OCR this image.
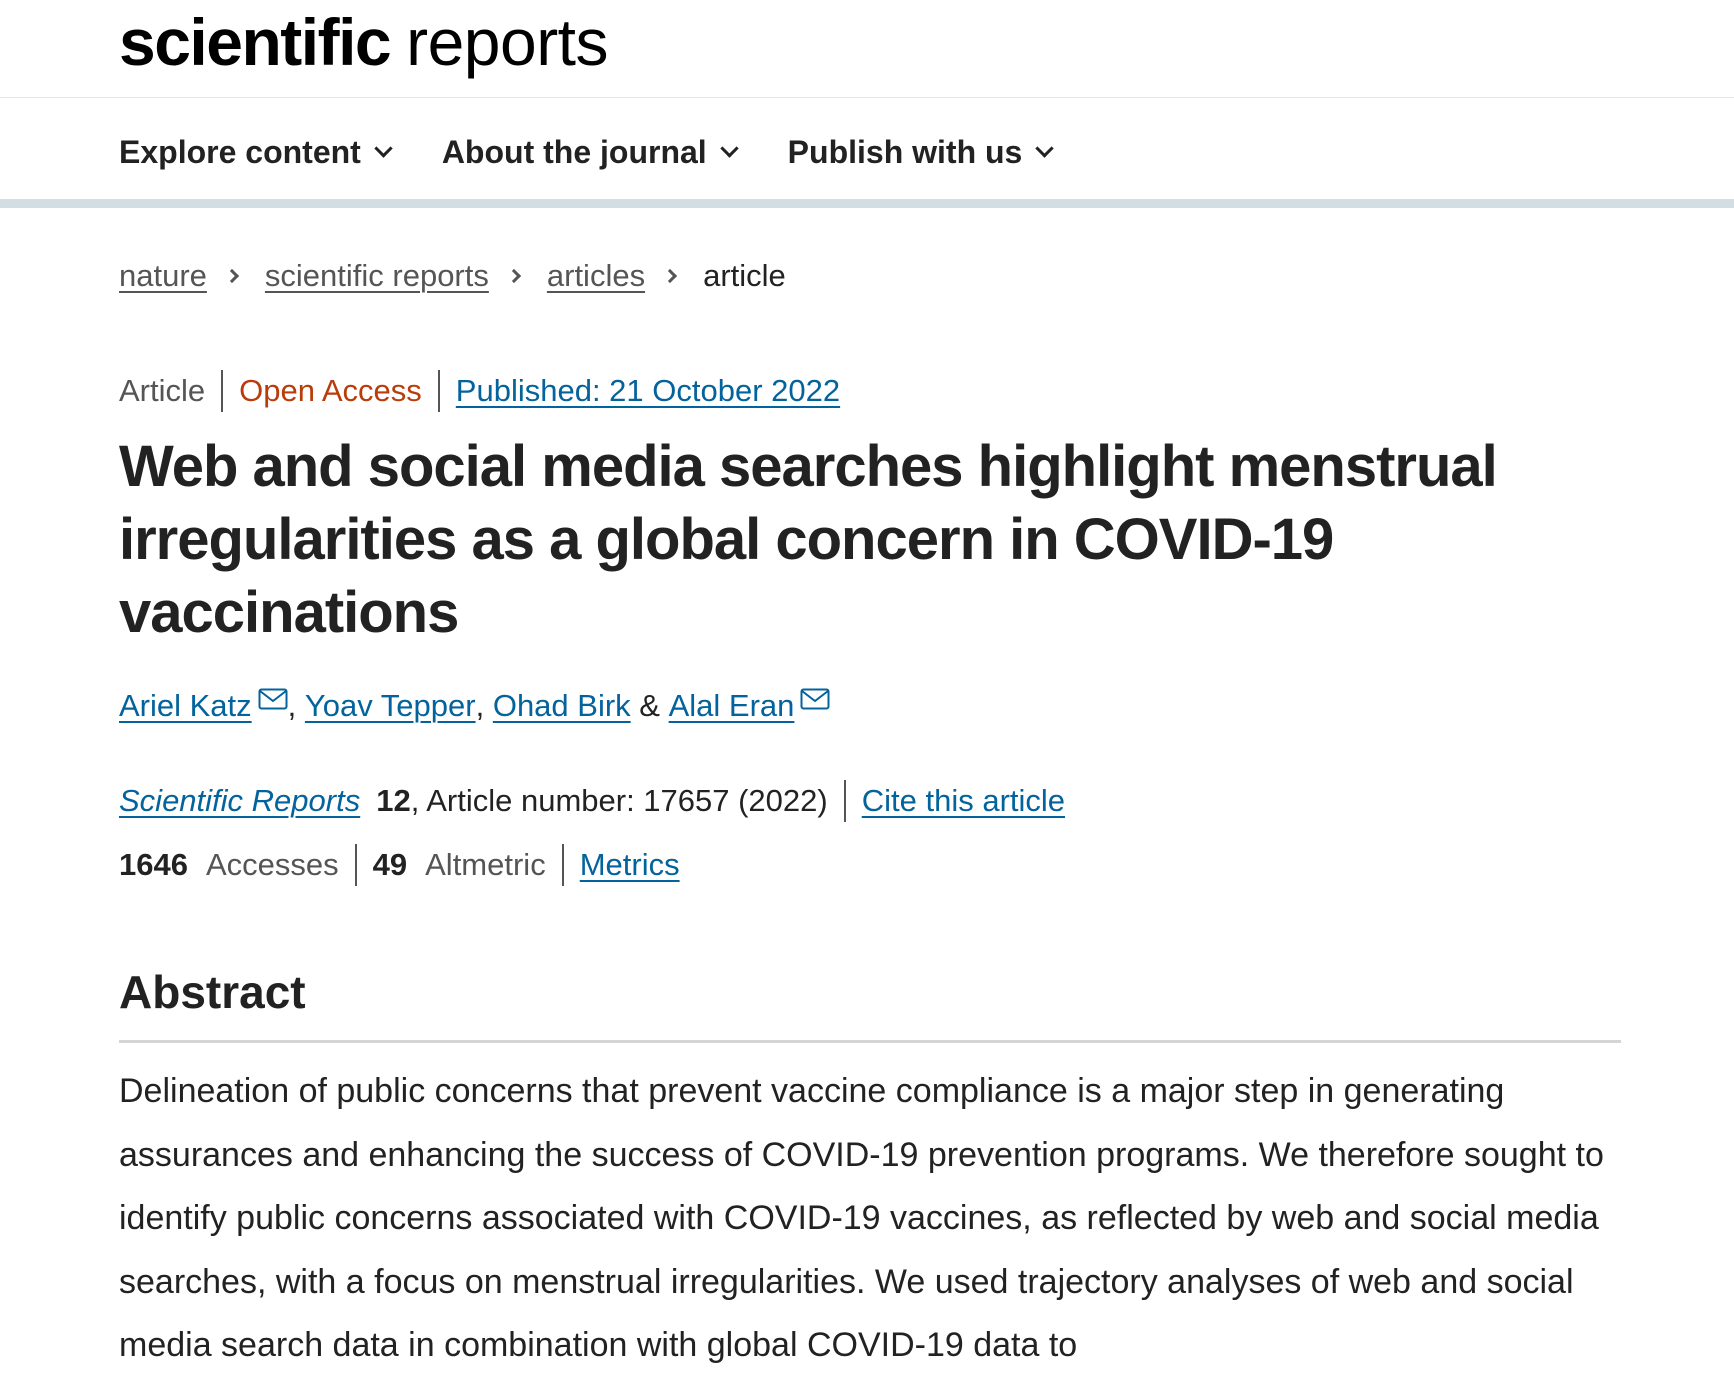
scientific reports
Explore content	About the journal	Publish with us
nature scientific reports articles article
Article Open Access Published: 21 October 2022
Web and social media searches highlight menstrual irregularities as a global concern in COVID-19 vaccinations
Ariel Katz ,
Yoav Tepper ,
Ohad Birk
&
Alal Eran
Scientific Reports 12 , Article number: 17657 (2022) Cite this article
1646 Accesses 49 Altmetric Metrics
Abstract

Delineation of public concerns that prevent vaccine compliance is a major step in generating assurances and enhancing the success of COVID-19 prevention programs. We therefore sought to identify public concerns associated with COVID-19 vaccines, as reflected by web and social media searches, with a focus on menstrual irregularities. We used trajectory analyses of web and social media search data in combination with global COVID-19 data to
